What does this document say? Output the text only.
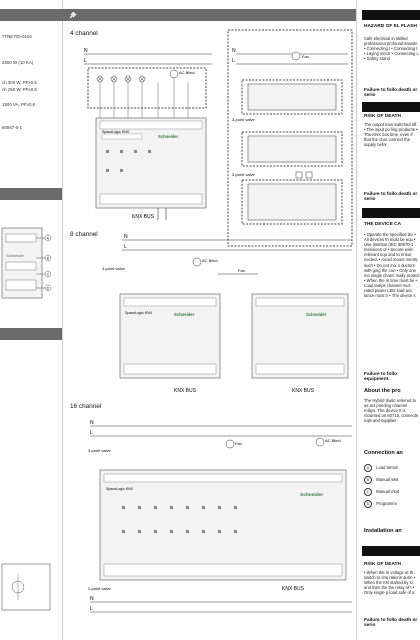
7TNE700-0104
2500 W (10 KA)
ch 300 W, PF≥0.6
ch 250 W, PF≥0.6
1500 VA, PF≥0.6
60947-6-1
A
B
C
D
Schneider
4 channel
8 channel
16 channel
N
L
AC Blind
SpaceLogic KNX
Schneider
KNX BUS
N
L
Fan
3-point valve
3-point valve
N
L
3-point valve
AC Blind
SpaceLogic KNX	Schneider	Schneider
Fan
KNX BUS
KNX BUS
N
L
3-point valve
Fan
AC Blind
SpaceLogic KNX
Schneider
N
L
2-point valve	KNX BUS
HAZARD OF EL FLASH
Safe electrical in skilled professiona profound knowle • Connecting t • Connecting t • Laying electr • Connecting L • Safety stand
Failure to follo death or serio
RISK OF DEATH
The output mus switched off. • The input po ling products • The KNX bus time, even if that the char connect the supply befor
Failure to follo death or serio
THE DEVICE CA
• Operate the specified tec • All devices th must be equ • Use distribut (IEC 60670-1 mensions of • Secure wirin relevant equ and to ensur nected. • Avoid mount ments, such • Do not mix s ductors with ging the con • Only one mo single chann mally protect • When the m time must be • Load lamps channel mus rated power LED load acc tance must n • The device s
Failure to follo equipment.
About the pro
The Hybrid Switc referred to as act ponding channel relays. The device It is mounted on 60715, connecte nals and supplies
Connection an
A Load termin
B Manual swit
C Manual mod
D Programmi
Installation an
RISK OF DEATH
• When the m voltage at th switch to cha rations durin • When the KN started by lo and then the the relay of t • Only single p load safe of a
Failure to follo death or serio
